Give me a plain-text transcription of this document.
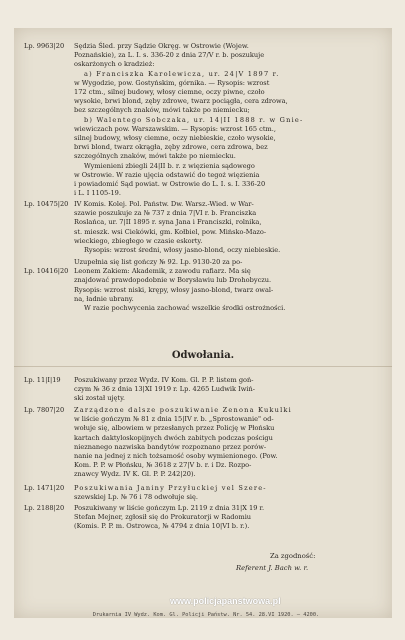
Lp. 9963|20	Sędzia Śled. przy Sądzie Okręg. w Ostrowie (Wojew.
Poznańskie), za L. I. s. 336-20 z dnia 27/V r. b. poszukuje
oskarżonych o kradzież:
a) Franciszka Karolewicza, ur. 24|V 1897 r.
w Wygodzie, pow. Gostyńskim, górnika. — Rysopis: wzrost
172 ctm., silnej budowy, włosy ciemne, oczy piwne, czoło
wysokie, brwi blond, zęby zdrowe, twarz pociągła, cera zdrowa,
bez szczególnych znaków, mówi także po niemiecku;
b) Walentego Sobczaka, ur. 14|II 1888 r. w Gnie-
wiewiczach pow. Warszawskim. — Rysopis: wzrost 165 ctm.,
silnej budowy, włosy ciemne, oczy niebieskie, czoło wysokie,
brwi blond, twarz okrągła, zęby zdrowe, cera zdrowa, bez
szczególnych znaków, mówi także po niemiecku.
Wymienieni zbiegli 24|II b. r. z więzienia sądowego
w Ostrowie. W razie ujęcia odstawić do tegoż więzienia
i powiadomić Sąd powiat. w Ostrowie do L. I. s. I. 336-20
i L. I 1105-19.
Lp. 10475|20 IV Komis. Kolej. Pol. Państw. Dw. Warsz.-Wied. w War-
szawie poszukuje za № 737 z dnia 7|VI r. b. Franciszka
Roslańca, ur. 7|II 1895 r. syna Jana i Franciszki, rolnika,
st. mieszk. wsi Ciekówki, gm. Kołbiel, pow. Mińsko-Mazo-
wieckiego, zbiegłego w czasie eskorty.
Rysopis: wzrost średni, włosy jasno-blond, oczy niebieskie.
Lp. 10416|20
Uzupełnia się list gończy № 92. Lp. 9130-20 za po-
Leonem Zakiem: Akademik, z zawodu rafiarz. Ma się
znajdować prawdopodobnie w Borysławiu lub Drohobyczu.
Rysopis: wzrost niski, krępy, włosy jasno-blond, twarz owal-
na, ładnie ubrany.
W razie pochwycenia zachować wszelkie środki ostrożności.
Odwołania.
Lp. 11|I|19	Poszukiwany przez Wydz. IV Kom. Gl. P. P. listem goń-
czym № 36 z dnia 13|XI 1919 r. Lp. 4265 Ludwik Iwiń-
ski został ujęty.
Lp. 7807|20	Zarządzone dalsze poszukiwanie Zenona Kukulki
w liście gończym № 81 z dnia 15|IV r. b. „Sprostowanie" od-
wołuje się, albowiem w przesłanych przez Policję w Płońsku
kartach daktyloskopijnych dwóch zabitych podczas pościgu
nieznanego nazwiska bandytów rozpoznano przez porów-
nanie na jednej z nich tożsamość osoby wymienionego. (Pow.
Kom. P. P. w Płońsku, № 3618 z 27|V b. r. i Dz. Rozpo-
znawcy Wydz. IV K. Gl. P. P. 242|20).
Lp. 1471|20	Poszukiwania Janiny Przyłuckiej vel Szere-
szewskiej Lp. № 76 i 78 odwołuje się.
Lp. 2188|20	Poszukiwany w liście gończym Lp. 2119 z dnia 31|X 19 r.
Stefan Mejner, zgłosił się do Prokuratorji w Radomiu
(Komis. P. P. m. Ostrowca, № 4794 z dnia 10|VI b. r.).
Za zgodność:
Referent J. Bach w. r.
www.policjapanstwowa.pl
Drukarnia IV Wydz. Kom. Gl. Policji Państw. Nr. 54. 28.VI 1920. — 4200.
